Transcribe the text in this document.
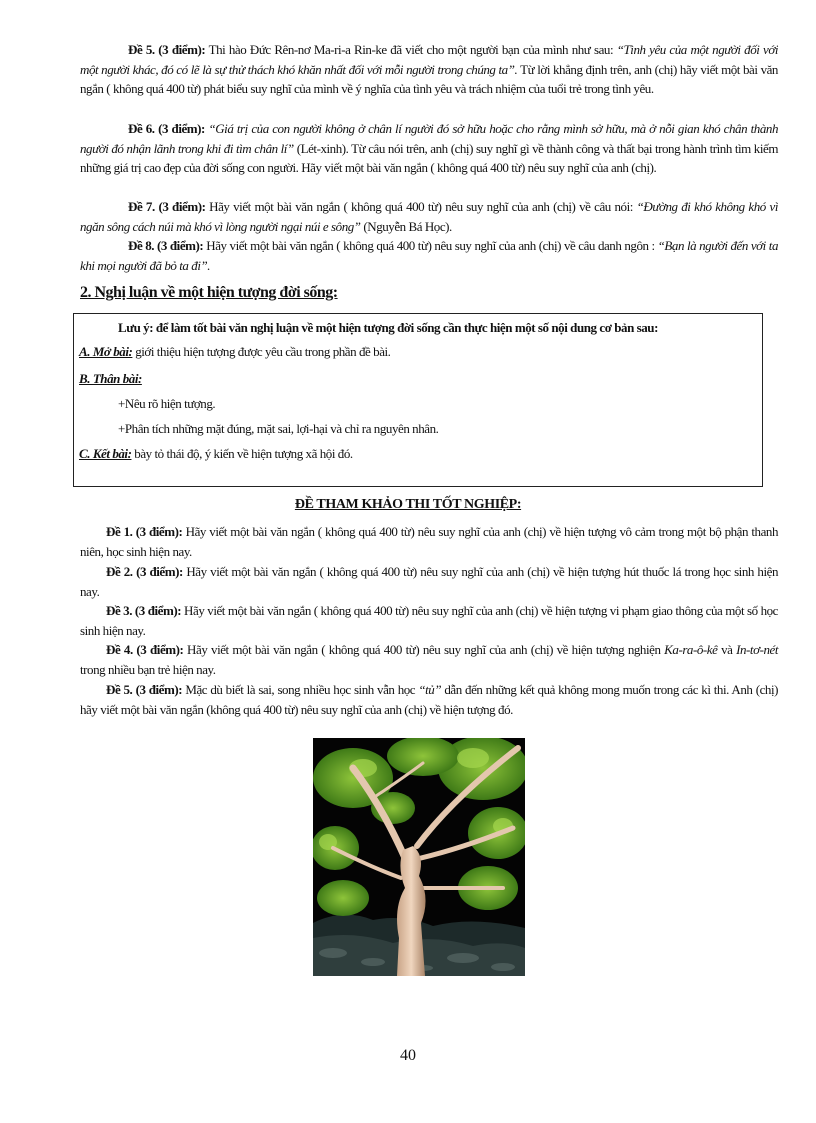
Đề 5. (3 điểm): Thi hào Đức Rên-nơ Ma-ri-a Rin-ke đã viết cho một người bạn của mình như sau: “Tình yêu của một người đối với một người khác, đó có lẽ là sự thử thách khó khăn nhất đối với mỗi người trong chúng ta”. Từ lời khẳng định trên, anh (chị) hãy viết một bài văn ngắn ( không quá 400 từ) phát biểu suy nghĩ của mình về ý nghĩa của tình yêu và trách nhiệm của tuổi trẻ trong tình yêu.

Đề 6. (3 điểm): “Giá trị của con người không ở chân lí người đó sở hữu hoặc cho rằng mình sở hữu, mà ở nỗi gian khó chân thành người đó nhận lãnh trong khi đi tìm chân lí” (Lét-xinh). Từ câu nói trên, anh (chị) suy nghĩ gì về thành công và thất bại trong hành trình tìm kiếm những giá trị cao đẹp của đời sống con người. Hãy viết một bài văn ngắn ( không quá 400 từ) nêu suy nghĩ của anh (chị).

Đề 7. (3 điểm): Hãy viết một bài văn ngắn ( không quá 400 từ) nêu suy nghĩ của anh (chị) về câu nói: “Đường đi khó không khó vì ngăn sông cách núi mà khó vì lòng người ngại núi e sông” (Nguyễn Bá Học).

Đề 8. (3 điểm): Hãy viết một bài văn ngắn ( không quá 400 từ) nêu suy nghĩ của anh (chị) về câu danh ngôn : “Bạn là người đến với ta khi mọi người đã bỏ ta đi”.

2. Nghị luận về một hiện tượng đời sống:
Lưu ý: để làm tốt bài văn nghị luận về một hiện tượng đời sống cần thực hiện một số nội dung cơ bản sau:
A. Mở bài: giới thiệu hiện tượng được yêu cầu trong phần đề bài.
B. Thân bài:
+Nêu rõ hiện tượng.
+Phân tích những mặt đúng, mặt sai, lợi-hại và chỉ ra nguyên nhân.
C. Kết bài: bày tỏ thái độ, ý kiến về hiện tượng xã hội đó.
ĐỀ THAM KHẢO THI TỐT NGHIỆP:

Đề 1. (3 điểm): Hãy viết một bài văn ngắn ( không quá 400 từ) nêu suy nghĩ của anh (chị) về hiện tượng vô cảm trong một bộ phận thanh niên, học sinh hiện nay.

Đề 2. (3 điểm): Hãy viết một bài văn ngắn ( không quá 400 từ) nêu suy nghĩ của anh (chị) về hiện tượng hút thuốc lá trong học sinh hiện nay.

Đề 3. (3 điểm): Hãy viết một bài văn ngắn ( không quá 400 từ) nêu suy nghĩ của anh (chị) về hiện tượng vi phạm giao thông của một số học sinh hiện nay.

Đề 4. (3 điểm): Hãy viết một bài văn ngắn ( không quá 400 từ) nêu suy nghĩ của anh (chị) về hiện tượng nghiện Ka-ra-ô-kê và In-tơ-nét trong nhiều bạn trẻ hiện nay.

Đề 5. (3 điểm): Mặc dù biết là sai, song nhiều học sinh vẫn học “tủ” dẫn đến những kết quả không mong muốn trong các kì thi. Anh (chị) hãy viết một bài văn ngắn (không quá 400 từ) nêu suy nghĩ của anh (chị) về hiện tượng đó.

40
